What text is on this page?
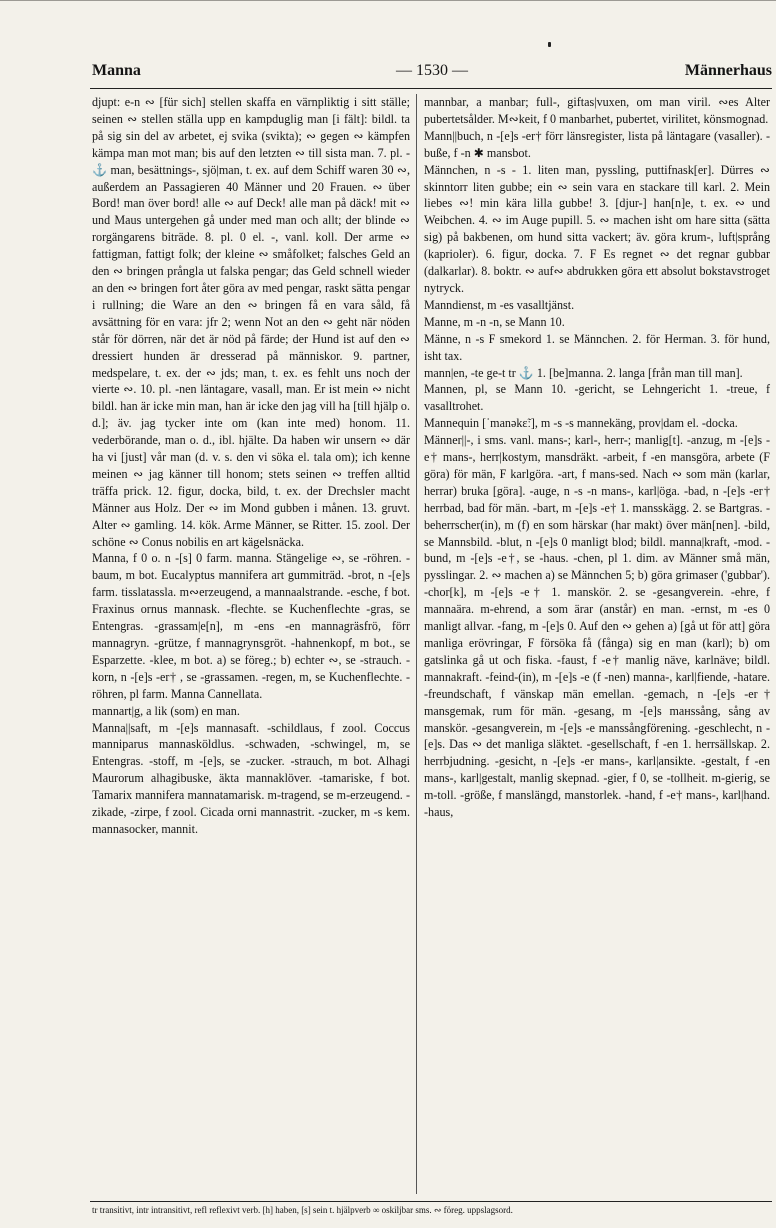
— 1530 —
Manna	Männerhaus

djupt: e-n ∾ [für sich] stellen skaffa en värnpliktig i sitt ställe; seinen ∾ stellen ställa upp en kampduglig man [i fält]: bildl. ta på sig sin del av arbetet, ej svika (svikta); ∾ gegen ∾ kämpfen kämpa man mot man; bis auf den letzten ∾ till sista man. 7. pl. - ⚓ man, besättnings-, sjö|man, t. ex. auf dem Schiff waren 30 ∾, außerdem an Passagieren 40 Männer und 20 Frauen. ∾ über Bord! man över bord! alle ∾ auf Deck! alle man på däck! mit ∾ und Maus untergehen gå under med man och allt; der blinde ∾ rorgängarens biträde. 8. pl. 0 el. -, vanl. koll. Der arme ∾ fattigman, fattigt folk; der kleine ∾ småfolket; falsches Geld an den ∾ bringen prångla ut falska pengar; das Geld schnell wieder an den ∾ bringen fort åter göra av med pengar, raskt sätta pengar i rullning; die Ware an den ∾ bringen få en vara såld, få avsättning för en vara: jfr 2; wenn Not an den ∾ geht när nöden står för dörren, när det är nöd på färde; der Hund ist auf den ∾ dressiert hunden är dresserad på människor. 9. partner, medspelare, t. ex. der ∾ jds; man, t. ex. es fehlt uns noch der vierte ∾. 10. pl. -nen läntagare, vasall, man. Er ist mein ∾ nicht bildl. han är icke min man, han är icke den jag vill ha [till hjälp o. d.]; äv. jag tycker inte om (kan inte med) honom. 11. vederbörande, man o. d., ibl. hjälte. Da haben wir unsern ∾ där ha vi [just] vår man (d. v. s. den vi söka el. tala om); ich kenne meinen ∾ jag känner till honom; stets seinen ∾ treffen alltid träffa prick. 12. figur, docka, bild, t. ex. der Drechsler macht Männer aus Holz. Der ∾ im Mond gubben i månen. 13. gruvt. Alter ∾ gamling. 14. kök. Arme Männer, se Ritter. 15. zool. Der schöne ∾ Conus nobilis en art kägelsnäcka.

Manna, f 0 o. n -[s] 0 farm. manna. Stängelige ∾, se -röhren. -baum, m bot. Eucalyptus mannifera art gummiträd. -brot, n -[e]s farm. tisslatassla. m∾erzeugend, a mannaalstrande. -esche, f bot. Fraxinus ornus mannask. -flechte. se Kuchenflechte -gras, se Entengras. -grassam|e[n], m -ens -en mannagräsfrö, förr mannagryn. -grütze, f mannagrynsgröt. -hahnenkopf, m bot., se Esparzette. -klee, m bot. a) se föreg.; b) echter ∾, se -strauch. -korn, n -[e]s -er† , se -grassamen. -regen, m, se Kuchenflechte. -röhren, pl farm. Manna Cannellata.

mannart|g, a lik (som) en man.

Mannа||saft, m -[e]s mannasaft. -schildlaus, f zool. Coccus manniparus mannasköldlus. -schwaden, -schwingel, m, se Entengras. -stoff, m -[e]s, se -zucker. -strauch, m bot. Alhagi Maurorum alhagibuske, äkta mannaklöver. -tamariske, f bot. Tamarix mannifera mannatamarisk. m-tragend, se m-erzeugend. -zikade, -zirpe, f zool. Cicada orni mannastrit. -zucker, m -s kem. mannasocker, mannit.

mannbar, a manbar; full-, giftas|vuxen, om man viril. ∾es Alter pubertetsålder. M∾keit, f 0 manbarhet, pubertet, virilitet, könsmognad.

Mann||buch, n -[e]s -er† förr länsregister, lista på läntagare (vasaller). -buße, f -n ✱ mansbot.

Männchen, n -s - 1. liten man, pyssling, puttifnask[er]. Dürres ∾ skinntorr liten gubbe; ein ∾ sein vara en stackare till karl. 2. Mein liebes ∾! min kära lilla gubbe! 3. [djur-] han[n]e, t. ex. ∾ und Weibchen. 4. ∾ im Auge pupill. 5. ∾ machen isht om hare sitta (sätta sig) på bakbenen, om hund sitta vackert; äv. göra krum-, luft|språng (kaprioler). 6. figur, docka. 7. F Es regnet ∾ det regnar gubbar (dalkarlar). 8. boktr. ∾ auf∾ abdrukken göra ett absolut bokstavstroget nytryck.

Manndienst, m -es vasalltjänst.

Manne, m -n -n, se Mann 10.

Männe, n -s F smekord 1. se Männchen. 2. för Herman. 3. för hund, isht tax.

mann|en, -te ge-t tr ⚓ 1. [be]manna. 2. langa [från man till man].

Mannen, pl, se Mann 10. -gericht, se Lehngericht 1. -treue, f vasalltrohet.

Mannequin [ˈmanəkɛ̃ː], m -s -s mannekäng, prov|dam el. -docka.

Männer||-, i sms. vanl. mans-; karl-, herr-; manlig[t]. -anzug, m -[e]s -e† mans-, herr|kostym, mansdräkt. -arbeit, f -en mansgöra, arbete (F göra) för män, F karlgöra. -art, f mans-sed. Nach ∾ som män (karlar, herrar) bruka [göra]. -auge, n -s -n mans-, karl|öga. -bad, n -[e]s -er† herrbad, bad för män. -bart, m -[e]s -e† 1. mansskägg. 2. se Bartgras. -beherrscher(in), m (f) en som härskar (har makt) över män[nen]. -bild, se Mannsbild. -blut, n -[e]s 0 manligt blod; bildl. manna|kraft, -mod. -bund, m -[e]s -e†, se -haus. -chen, pl 1. dim. av Männer små män, pysslingar. 2. ∾ machen a) se Männchen 5; b) göra grimaser ('gubbar'). -chor[k], m -[e]s -e† 1. manskör. 2. se -gesangverein. -ehre, f mannaära. m-ehrend, a som ärar (anstår) en man. -ernst, m -es 0 manligt allvar. -fang, m -[e]s 0. Auf den ∾ gehen a) [gå ut för att] göra manliga erövringar, F försöka få (fånga) sig en man (karl); b) om gatslinka gå ut och fiska. -faust, f -e† manlig näve, karlnäve; bildl. mannakraft. -feind-(in), m -[e]s -e (f -nen) manna-, karl|fiende, -hatare. -freundschaft, f vänskap män emellan. -gemach, n -[e]s -er† mansgemak, rum för män. -gesang, m -[e]s mанssång, sång av manskör. -gesangverein, m -[e]s -e manssångförening. -geschlecht, n -[e]s. Das ∾ det manliga släktet. -gesellschaft, f -en 1. herrsällskap. 2. herrbjudning. -gesicht, n -[e]s -er mans-, karl|ansikte. -gestalt, f -en mans-, karl|gestalt, manlig skepnad. -gier, f 0, se -tollheit. m-gierig, se m-toll. -größe, f manslängd, manstorlek. -hand, f -e† mans-, karl|hand. -haus,

tr transitivt, intr intransitivt, refl reflexivt verb. [h] haben, [s] sein t. hjälpverb ∞ oskiljbar sms. ∾ föreg. uppslagsord.
